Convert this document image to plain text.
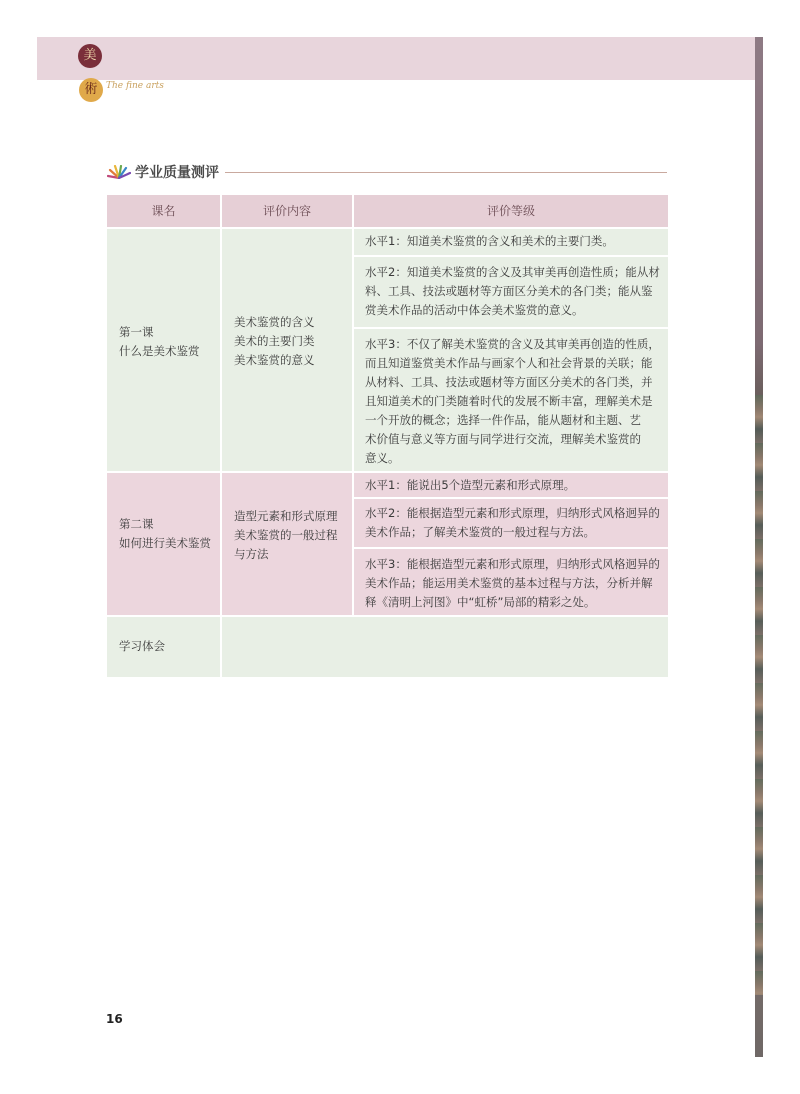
美
術 The fine arts
学业质量测评
课名	评价内容	评价等级
第一课
什么是美术鉴赏
美术鉴赏的含义
美术的主要门类
美术鉴赏的意义
水平1：知道美术鉴赏的含义和美术的主要门类。
水平2：知道美术鉴赏的含义及其审美再创造性质；能从材
料、工具、技法或题材等方面区分美术的各门类；能从鉴
赏美术作品的活动中体会美术鉴赏的意义。
水平3：不仅了解美术鉴赏的含义及其审美再创造的性质，
而且知道鉴赏美术作品与画家个人和社会背景的关联；能
从材料、工具、技法或题材等方面区分美术的各门类，并
且知道美术的门类随着时代的发展不断丰富，理解美术是
一个开放的概念；选择一件作品，能从题材和主题、艺
术价值与意义等方面与同学进行交流，理解美术鉴赏的
意义。
第二课
如何进行美术鉴赏
造型元素和形式原理
美术鉴赏的一般过程
与方法
水平1：能说出5个造型元素和形式原理。
水平2：能根据造型元素和形式原理，归纳形式风格迥异的
美术作品；了解美术鉴赏的一般过程与方法。
水平3：能根据造型元素和形式原理，归纳形式风格迥异的
美术作品；能运用美术鉴赏的基本过程与方法，分析并解
释《清明上河图》中“虹桥”局部的精彩之处。
学习体会
16
